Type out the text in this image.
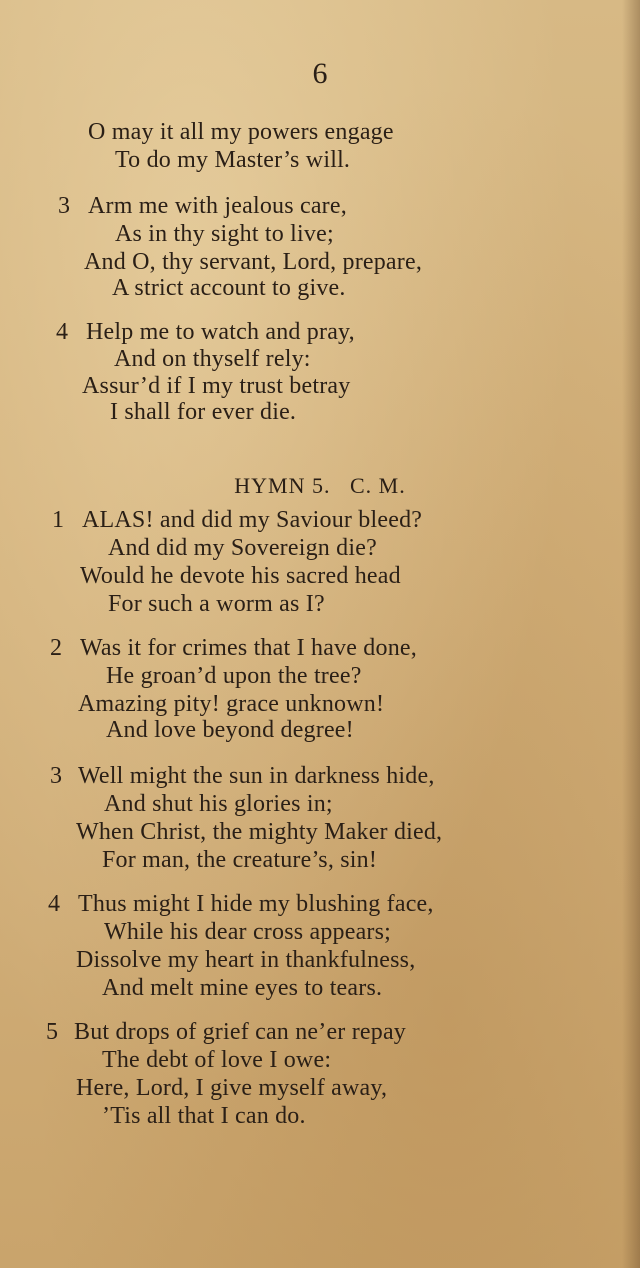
6
O may it all my powers engage
To do my Master’s will.
3 Arm me with jealous care,
As in thy sight to live;
And O, thy servant, Lord, prepare,
A strict account to give.
4 Help me to watch and pray,
And on thyself rely:
Assur’d if I my trust betray
I shall for ever die.
HYMN 5. C. M.
1 ALAS! and did my Saviour bleed?
And did my Sovereign die?
Would he devote his sacred head
For such a worm as I?
2 Was it for crimes that I have done,
He groan’d upon the tree?
Amazing pity! grace unknown!
And love beyond degree!
3 Well might the sun in darkness hide,
And shut his glories in;
When Christ, the mighty Maker died,
For man, the creature’s, sin!
4 Thus might I hide my blushing face,
While his dear cross appears;
Dissolve my heart in thankfulness,
And melt mine eyes to tears.
5 But drops of grief can ne’er repay
The debt of love I owe:
Here, Lord, I give myself away,
’Tis all that I can do.
